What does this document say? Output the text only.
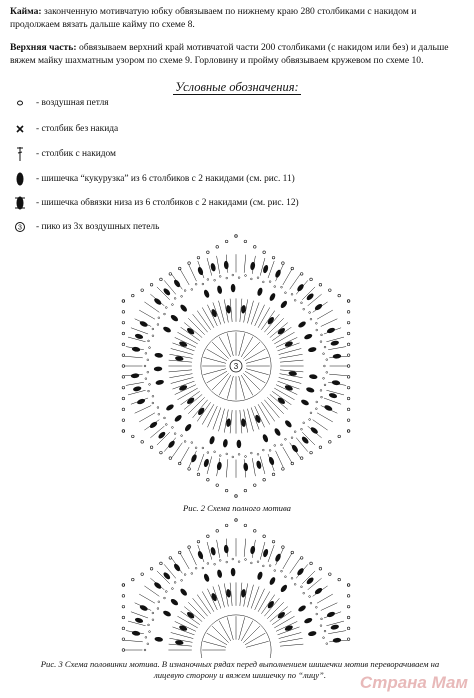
Кайма: законченную мотивчатую юбку обвязываем по нижнему краю 280 столбиками с накидом и продолжаем вязать дальше кайму по схеме 8.
Верхняя часть: обвязываем верхний край мотивчатой части 200 столбиками (с накидом или без) и дальше вяжем майку шахматным узором по схеме 9. Горловину и пройму обвязываем кружевом по схеме 10.
Условные обозначения:
- воздушная петля
- столбик без накида
- столбик с накидом
- шишечка “кукурузка” из 6 столбиков с 2 накидами (см. рис. 11)
- шишечка обвязки низа из 6 столбиков с 2 накидами (см. рис. 12)
3 - пико из 3х воздушных петель
3
Рис. 2 Схема полного мотива
Рис. 3 Схема половинки мотива. В изнаночных рядах перед выполнением шишечки мотив переворачиваем на лицевую сторону и вяжем шишечку по “лицу”.	Страна Мам
